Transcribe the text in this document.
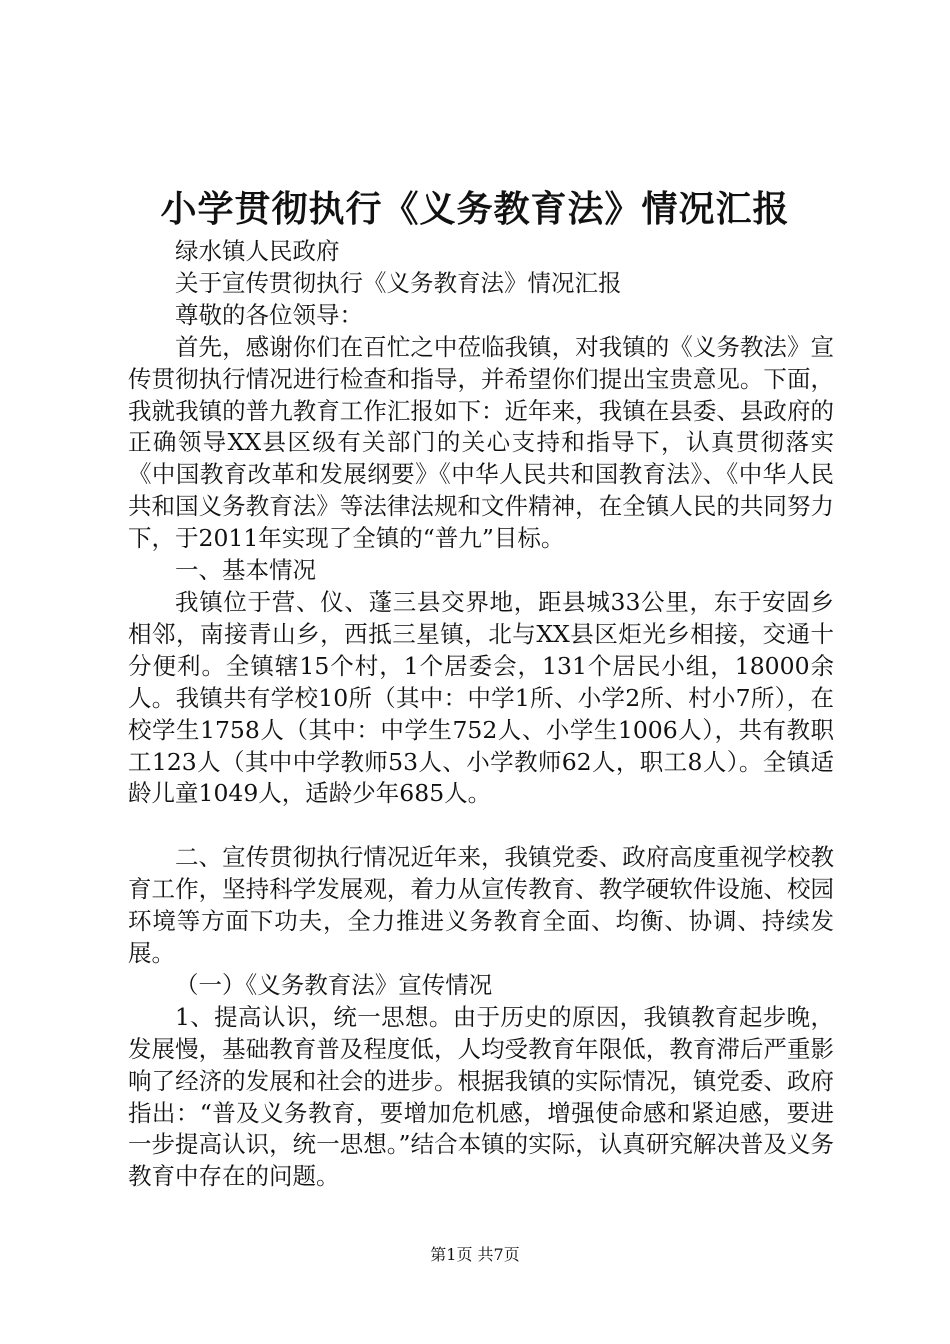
小学贯彻执行《义务教育法》情况汇报

绿水镇人民政府

关于宣传贯彻执行《义务教育法》情况汇报

尊敬的各位领导：

首先，感谢你们在百忙之中莅临我镇，对我镇的《义务教法》宣传贯彻执行情况进行检查和指导，并希望你们提出宝贵意见。下面，我就我镇的普九教育工作汇报如下：近年来，我镇在县委、县政府的正确领导XX县区级有关部门的关心支持和指导下，认真贯彻落实《中国教育改革和发展纲要》《中华人民共和国教育法》、《中华人民共和国义务教育法》等法律法规和文件精神，在全镇人民的共同努力下，于2011年实现了全镇的“普九”目标。

一、基本情况

我镇位于营、仪、蓬三县交界地，距县城33公里，东于安固乡相邻，南接青山乡，西抵三星镇，北与XX县区炬光乡相接，交通十分便利。全镇辖15个村，1个居委会，131个居民小组，18000余人。我镇共有学校10所（其中：中学1所、小学2所、村小7所），在校学生1758人（其中：中学生752人、小学生1006人），共有教职工123人（其中中学教师53人、小学教师62人，职工8人）。全镇适龄儿童1049人，适龄少年685人。

二、宣传贯彻执行情况近年来，我镇党委、政府高度重视学校教育工作，坚持科学发展观，着力从宣传教育、教学硬软件设施、校园环境等方面下功夫，全力推进义务教育全面、均衡、协调、持续发展。

（一）《义务教育法》宣传情况

1、提高认识，统一思想。由于历史的原因，我镇教育起步晚，发展慢，基础教育普及程度低，人均受教育年限低，教育滞后严重影响了经济的发展和社会的进步。根据我镇的实际情况，镇党委、政府指出：“普及义务教育，要增加危机感，增强使命感和紧迫感，要进一步提高认识，统一思想。”结合本镇的实际，认真研究解决普及义务教育中存在的问题。

第1页 共7页
